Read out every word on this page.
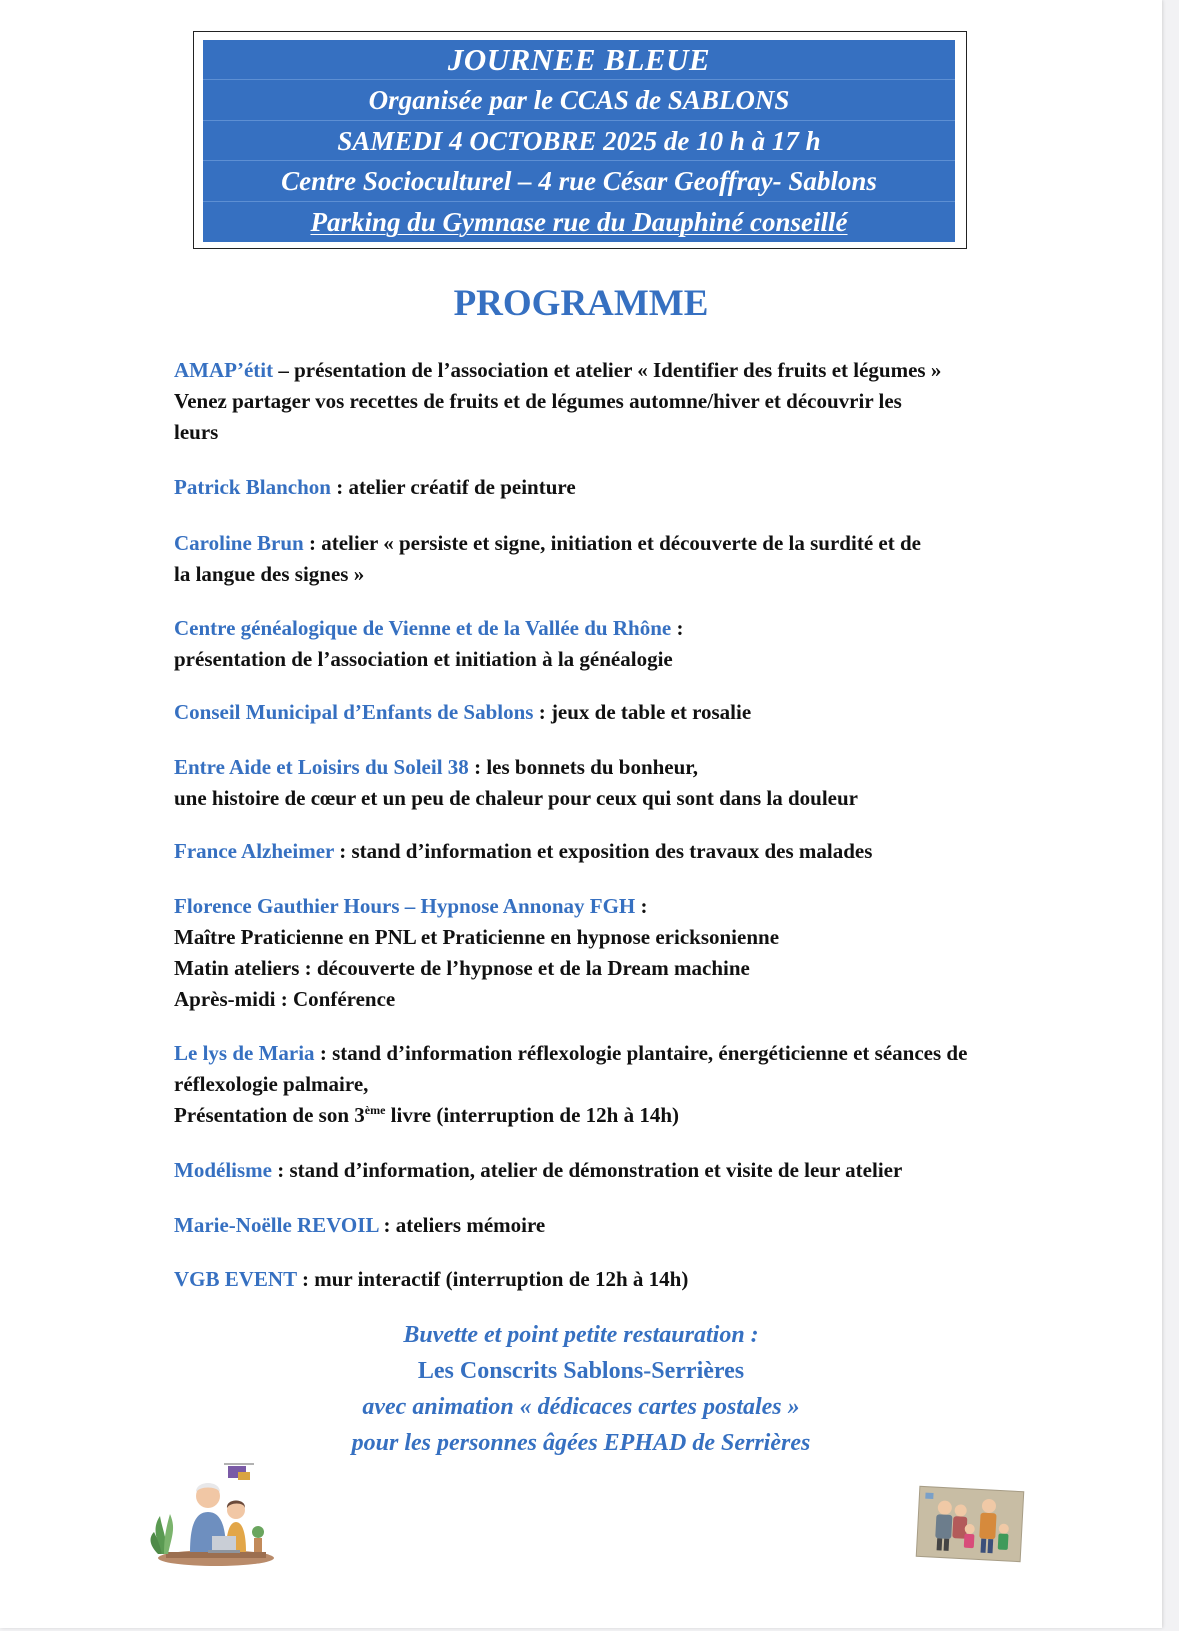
JOURNEE BLEUE
Organisée par le CCAS de SABLONS
SAMEDI 4 OCTOBRE 2025 de 10 h à 17 h
Centre Socioculturel – 4 rue César Geoffray- Sablons
Parking du Gymnase rue du Dauphiné conseillé
PROGRAMME
AMAP’étit – présentation de l’association et atelier « Identifier des fruits et légumes »
Venez partager vos recettes de fruits et de légumes automne/hiver et découvrir les
leurs
Patrick Blanchon : atelier créatif de peinture
Caroline Brun : atelier « persiste et signe, initiation et découverte de la surdité et de
la langue des signes »
Centre généalogique de Vienne et de la Vallée du Rhône :
présentation de l’association et initiation à la généalogie
Conseil Municipal d’Enfants de Sablons : jeux de table et rosalie
Entre Aide et Loisirs du Soleil 38 : les bonnets du bonheur,
une histoire de cœur et un peu de chaleur pour ceux qui sont dans la douleur
France Alzheimer : stand d’information et exposition des travaux des malades
Florence Gauthier Hours – Hypnose Annonay FGH :
Maître Praticienne en PNL et Praticienne en hypnose ericksonienne
Matin ateliers : découverte de l’hypnose et de la Dream machine
Après-midi : Conférence
Le lys de Maria : stand d’information réflexologie plantaire, énergéticienne et séances de
réflexologie palmaire,
Présentation de son 3ème livre (interruption de 12h à 14h)
Modélisme : stand d’information, atelier de démonstration et visite de leur atelier
Marie-Noëlle REVOIL : ateliers mémoire
VGB EVENT : mur interactif (interruption de 12h à 14h)
Buvette et point petite restauration :
Les Conscrits Sablons-Serrières
avec animation « dédicaces cartes postales »
pour les personnes âgées EPHAD de Serrières
